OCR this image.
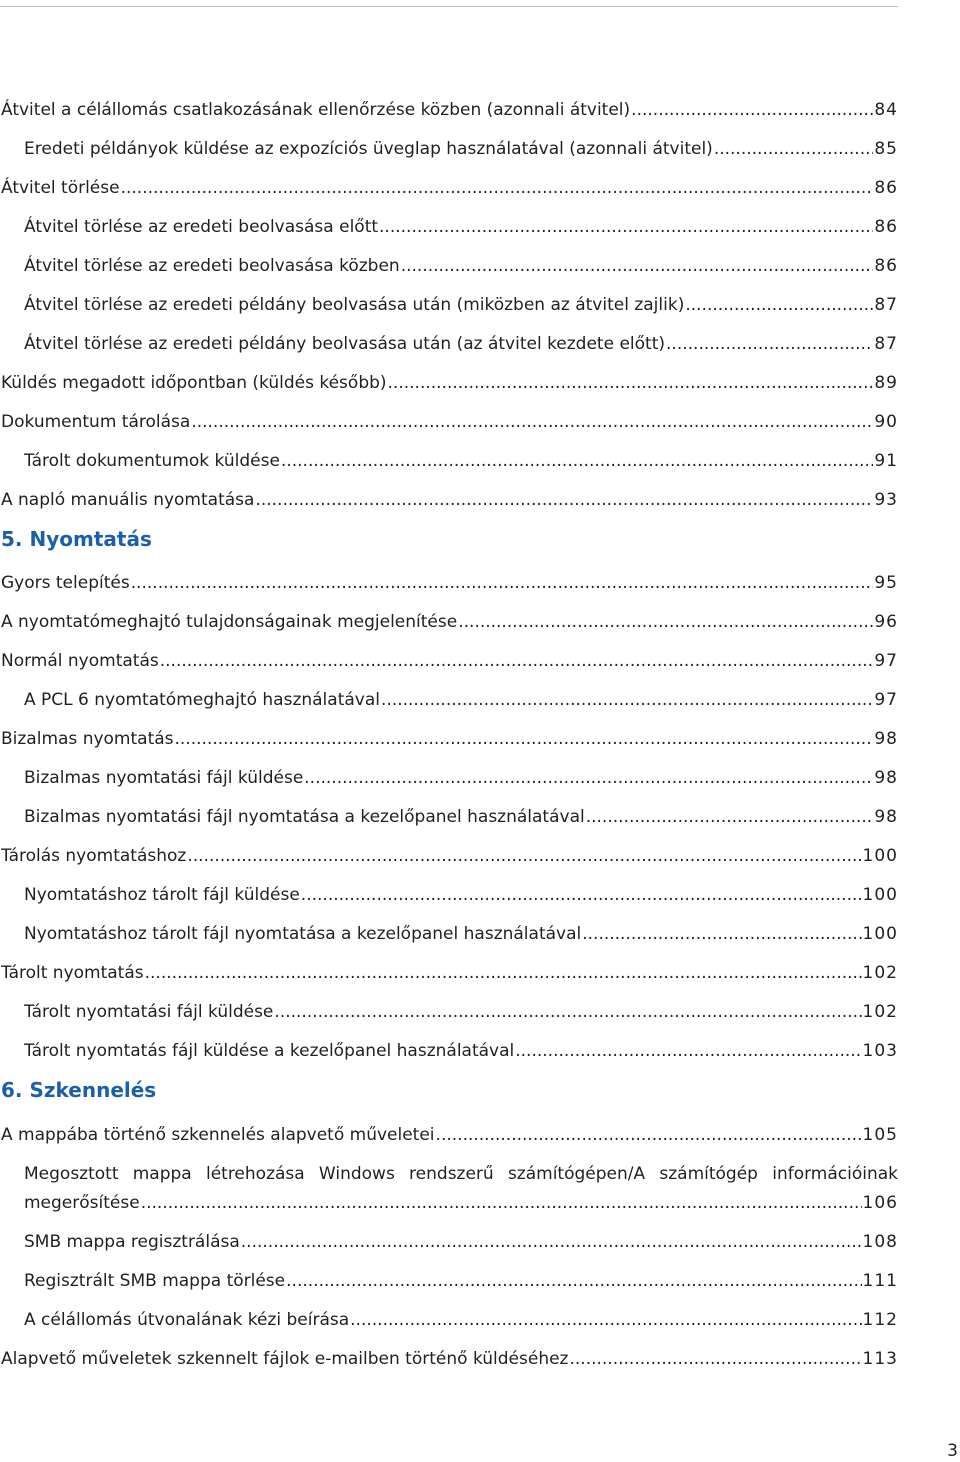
Átvitel a célállomás csatlakozásának ellenőrzése közben (azonnali átvitel) .....	84
Eredeti példányok küldése az expozíciós üveglap használatával (azonnali átvitel) .....	85
Átvitel törlése .....	86
Átvitel törlése az eredeti beolvasása előtt .....	86
Átvitel törlése az eredeti beolvasása közben .....	86
Átvitel törlése az eredeti példány beolvasása után (miközben az átvitel zajlik) .....	87
Átvitel törlése az eredeti példány beolvasása után (az átvitel kezdete előtt) .....	87
Küldés megadott időpontban (küldés később) .....	89
Dokumentum tárolása .....	90
Tárolt dokumentumok küldése .....	91
A napló manuális nyomtatása .....	93
5. Nyomtatás
Gyors telepítés .....	95
A nyomtatómeghajtó tulajdonságainak megjelenítése .....	96
Normál nyomtatás .....	97
A PCL 6 nyomtatómeghajtó használatával .....	97
Bizalmas nyomtatás .....	98
Bizalmas nyomtatási fájl küldése .....	98
Bizalmas nyomtatási fájl nyomtatása a kezelőpanel használatával .....	98
Tárolás nyomtatáshoz .....	100
Nyomtatáshoz tárolt fájl küldése .....	100
Nyomtatáshoz tárolt fájl nyomtatása a kezelőpanel használatával .....	100
Tárolt nyomtatás .....	102
Tárolt nyomtatási fájl küldése .....	102
Tárolt nyomtatás fájl küldése a kezelőpanel használatával .....	103
6. Szkennelés
A mappába történő szkennelés alapvető műveletei .....	105
Megosztott mappa létrehozása Windows rendszerű számítógépen/A számítógép információinak
megerősítése .....	106
SMB mappa regisztrálása .....	108
Regisztrált SMB mappa törlése .....	111
A célállomás útvonalának kézi beírása .....	112
Alapvető műveletek szkennelt fájlok e-mailben történő küldéséhez .....	113
3
